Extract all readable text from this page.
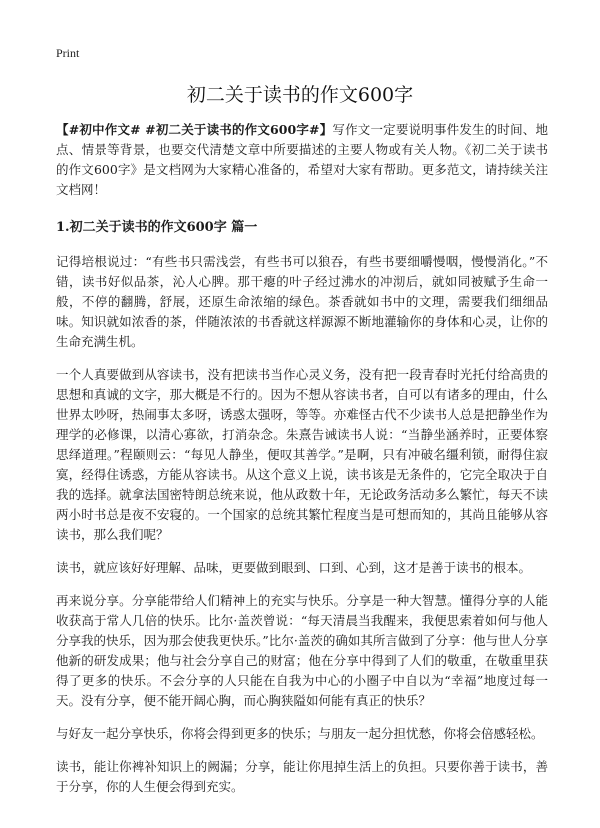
Print
初二关于读书的作文600字

【#初中作文# #初二关于读书的作文600字#】写作文一定要说明事件发生的时间、地点、情景等背景，也要交代清楚文章中所要描述的主要人物或有关人物。《初二关于读书的作文600字》是文档网为大家精心准备的，希望对大家有帮助。更多范文，请持续关注文档网！

1.初二关于读书的作文600字 篇一

记得培根说过：“有些书只需浅尝，有些书可以狼吞，有些书要细嚼慢咽，慢慢消化。”不错，读书好似品茶，沁人心脾。那干瘪的叶子经过沸水的冲沏后，就如同被赋予生命一般，不停的翻腾，舒展，还原生命浓缩的绿色。茶香就如书中的文理，需要我们细细品味。知识就如浓香的茶，伴随浓浓的书香就这样源源不断地灌输你的身体和心灵，让你的生命充满生机。

一个人真要做到从容读书，没有把读书当作心灵义务，没有把一段青春时光托付给高贵的思想和真诚的文字，那大概是不行的。因为不想从容读书者，自可以有诸多的理由，什么世界太吵呀，热闹事太多呀，诱惑太强呀，等等。亦难怪古代不少读书人总是把静坐作为理学的必修课，以清心寡欲，打消杂念。朱熹告诫读书人说：“当静坐涵养时，正要体察思绎道理。”程颐则云：“每见人静坐，便叹其善学。”是啊，只有冲破名缰利锁，耐得住寂寞，经得住诱惑，方能从容读书。从这个意义上说，读书该是无条件的，它完全取决于自我的选择。就拿法国密特朗总统来说，他从政数十年，无论政务活动多么繁忙，每天不读两小时书总是夜不安寝的。一个国家的总统其繁忙程度当是可想而知的，其尚且能够从容读书，那么我们呢？

读书，就应该好好理解、品味，更要做到眼到、口到、心到，这才是善于读书的根本。

再来说分享。分享能带给人们精神上的充实与快乐。分享是一种大智慧。懂得分享的人能收获高于常人几倍的快乐。比尔·盖茨曾说：“每天清晨当我醒来，我便思索着如何与他人分享我的快乐，因为那会使我更快乐。”比尔·盖茨的确如其所言做到了分享：他与世人分享他新的研发成果；他与社会分享自己的财富；他在分享中得到了人们的敬重，在敬重里获得了更多的快乐。不会分享的人只能在自我为中心的小圈子中自以为“幸福”地度过每一天。没有分享，便不能开阔心胸，而心胸狭隘如何能有真正的快乐？

与好友一起分享快乐，你将会得到更多的快乐；与朋友一起分担忧愁，你将会倍感轻松。

读书，能让你裨补知识上的阙漏；分享，能让你甩掉生活上的负担。只要你善于读书，善于分享，你的人生便会得到充实。
